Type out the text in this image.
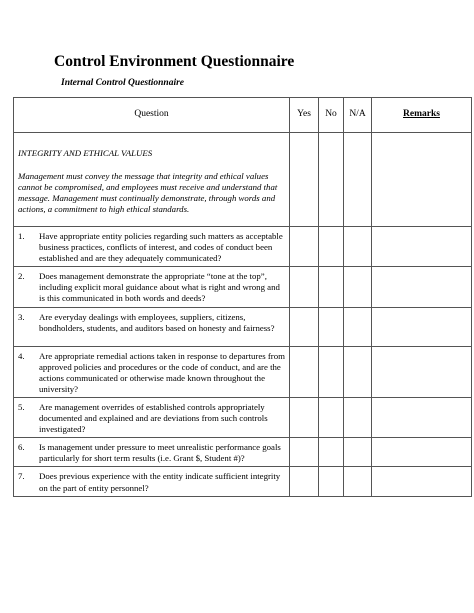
Control Environment Questionnaire
Internal Control Questionnaire
Question	Yes	No	N/A	Remarks

INTEGRITY AND ETHICAL VALUES
Management must convey the message that integrity and ethical values cannot be compromised, and employees must receive and understand that message. Management must continually demonstrate, through words and actions, a commitment to high ethical standards.				

1. Have appropriate entity policies regarding such matters as acceptable business practices, conflicts of interest, and codes of conduct been established and are they adequately communicated?				

2. Does management demonstrate the appropriate “tone at the top”, including explicit moral guidance about what is right and wrong and is this communicated in both words and deeds?				

3. Are everyday dealings with employees, suppliers, citizens, bondholders, students, and auditors based on honesty and fairness?				

4. Are appropriate remedial actions taken in response to departures from approved policies and procedures or the code of conduct, and are the actions communicated or otherwise made known throughout the university?				

5. Are management overrides of established controls appropriately documented and explained and are deviations from such controls investigated?				

6. Is management under pressure to meet unrealistic performance goals particularly for short term results (i.e. Grant $, Student #)?				

7. Does previous experience with the entity indicate sufficient integrity on the part of entity personnel?				
